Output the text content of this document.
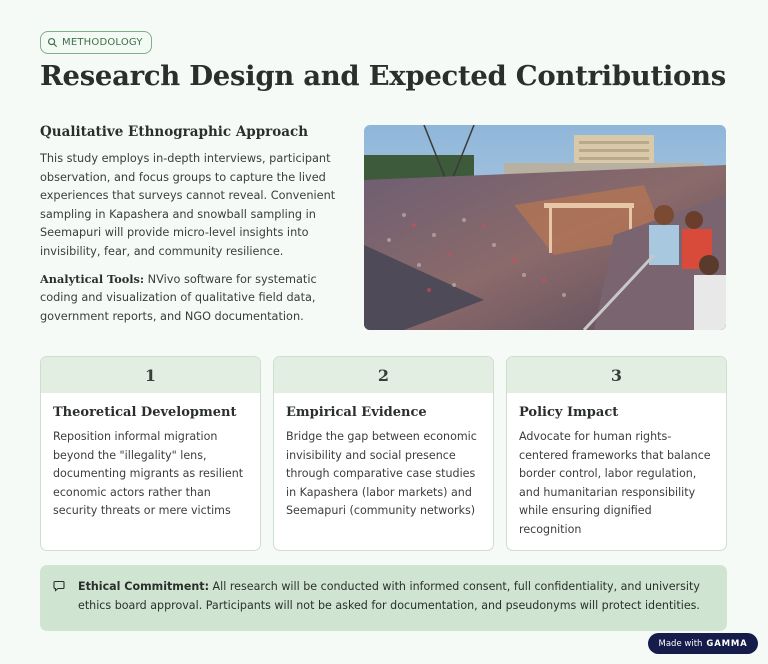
METHODOLOGY
Research Design and Expected Contributions
Qualitative Ethnographic Approach

This study employs in-depth interviews, participant observation, and focus groups to capture the lived experiences that surveys cannot reveal. Convenient sampling in Kapashera and snowball sampling in Seemapuri will provide micro-level insights into invisibility, fear, and community resilience.

Analytical Tools: NVivo software for systematic coding and visualization of qualitative field data, government reports, and NGO documentation.

1
Theoretical Development

Reposition informal migration beyond the "illegality" lens, documenting migrants as resilient economic actors rather than security threats or mere victims

2
Empirical Evidence

Bridge the gap between economic invisibility and social presence through comparative case studies in Kapashera (labor markets) and Seemapuri (community networks)

3
Policy Impact

Advocate for human rights-centered frameworks that balance border control, labor regulation, and humanitarian responsibility while ensuring dignified recognition

Ethical Commitment: All research will be conducted with informed consent, full confidentiality, and university ethics board approval. Participants will not be asked for documentation, and pseudonyms will protect identities.
Made with GAMMA
